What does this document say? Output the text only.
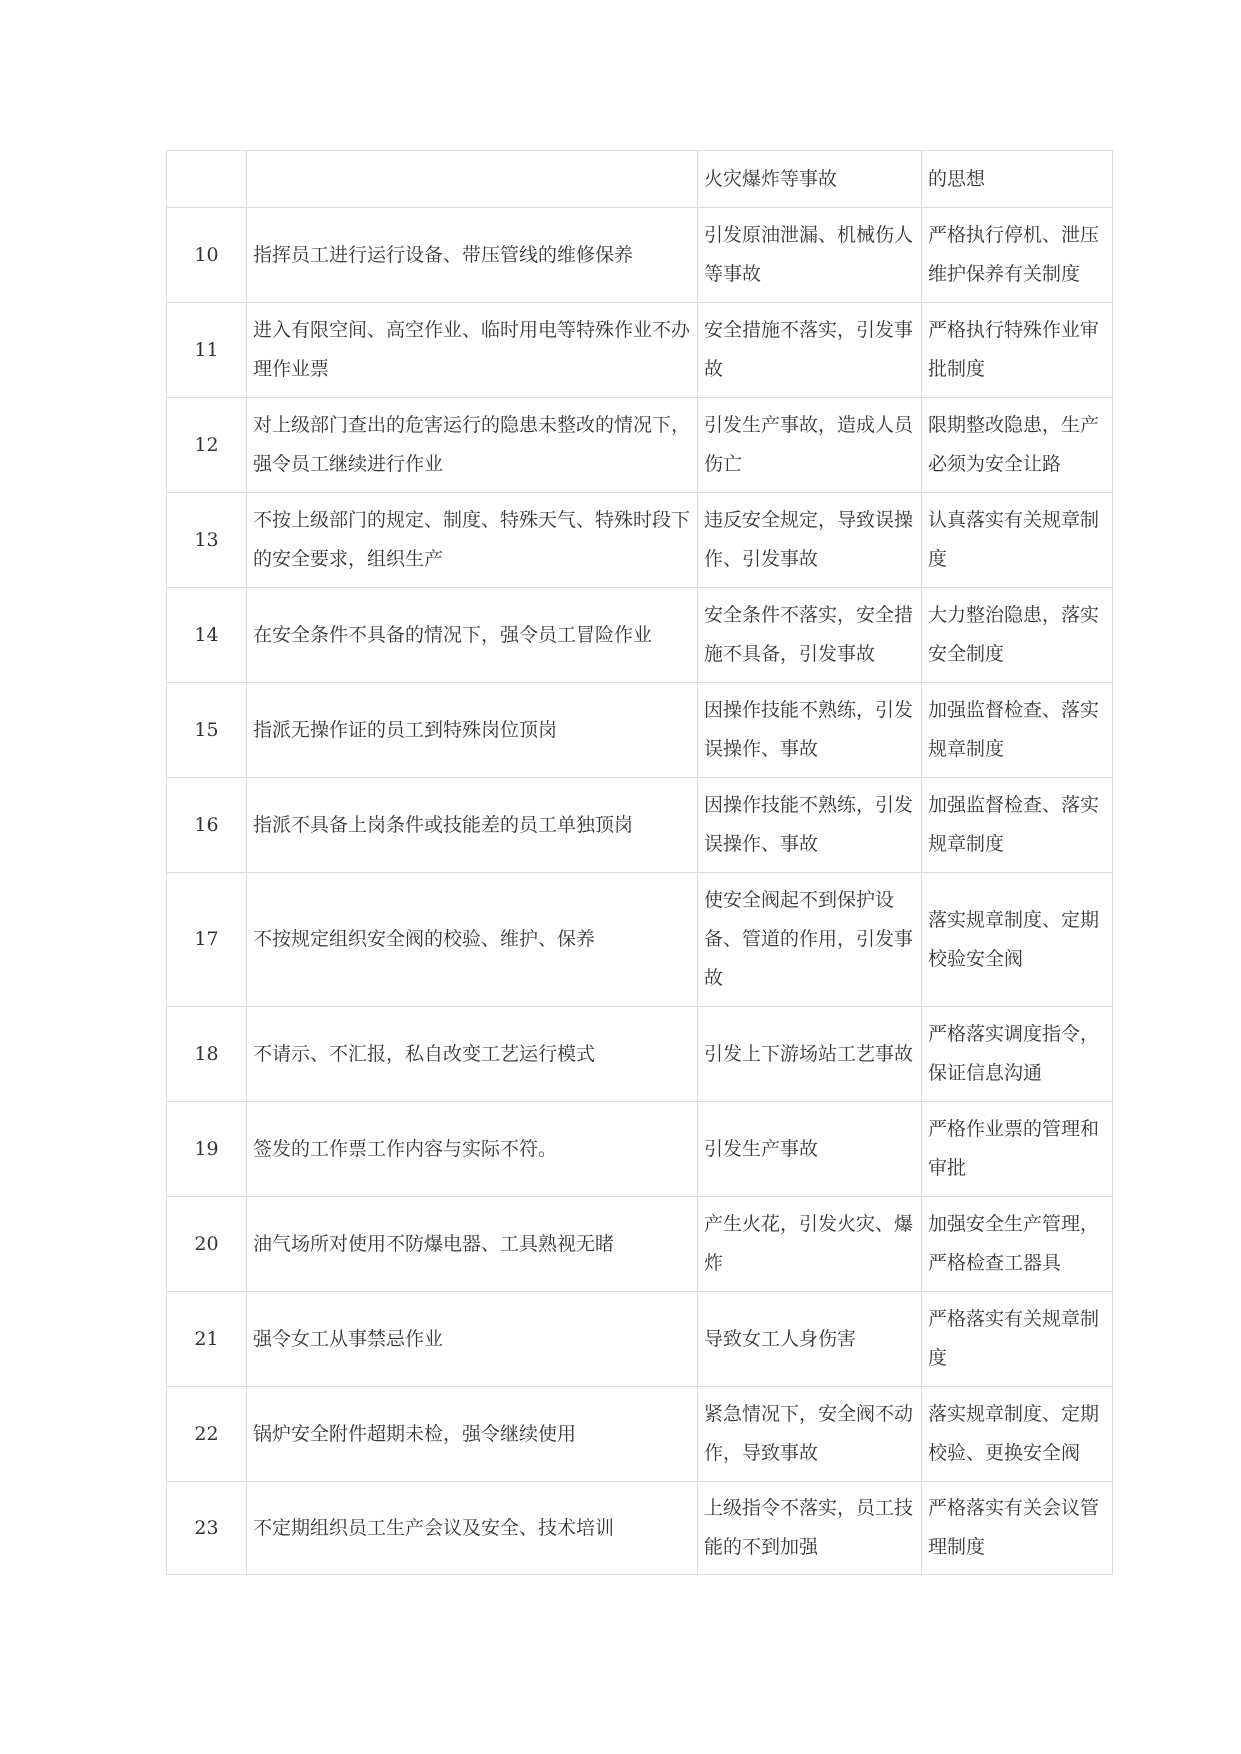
		火灾爆炸等事故	的思想
10	指挥员工进行运行设备、带压管线的维修保养	引发原油泄漏、机械伤人等事故	严格执行停机、泄压维护保养有关制度
11	进入有限空间、高空作业、临时用电等特殊作业不办理作业票	安全措施不落实，引发事故	严格执行特殊作业审批制度
12	对上级部门查出的危害运行的隐患未整改的情况下，强令员工继续进行作业	引发生产事故，造成人员伤亡	限期整改隐患，生产必须为安全让路
13	不按上级部门的规定、制度、特殊天气、特殊时段下的安全要求，组织生产	违反安全规定，导致误操作、引发事故	认真落实有关规章制度
14	在安全条件不具备的情况下，强令员工冒险作业	安全条件不落实，安全措施不具备，引发事故	大力整治隐患，落实安全制度
15	指派无操作证的员工到特殊岗位顶岗	因操作技能不熟练，引发误操作、事故	加强监督检查、落实规章制度
16	指派不具备上岗条件或技能差的员工单独顶岗	因操作技能不熟练，引发误操作、事故	加强监督检查、落实规章制度
17	不按规定组织安全阀的校验、维护、保养	使安全阀起不到保护设备、管道的作用，引发事故	落实规章制度、定期校验安全阀
18	不请示、不汇报，私自改变工艺运行模式	引发上下游场站工艺事故	严格落实调度指令，保证信息沟通
19	签发的工作票工作内容与实际不符。	引发生产事故	严格作业票的管理和审批
20	油气场所对使用不防爆电器、工具熟视无睹	产生火花，引发火灾、爆炸	加强安全生产管理，严格检查工器具
21	强令女工从事禁忌作业	导致女工人身伤害	严格落实有关规章制度
22	锅炉安全附件超期未检，强令继续使用	紧急情况下，安全阀不动作，导致事故	落实规章制度、定期校验、更换安全阀
23	不定期组织员工生产会议及安全、技术培训	上级指令不落实，员工技能的不到加强	严格落实有关会议管理制度
